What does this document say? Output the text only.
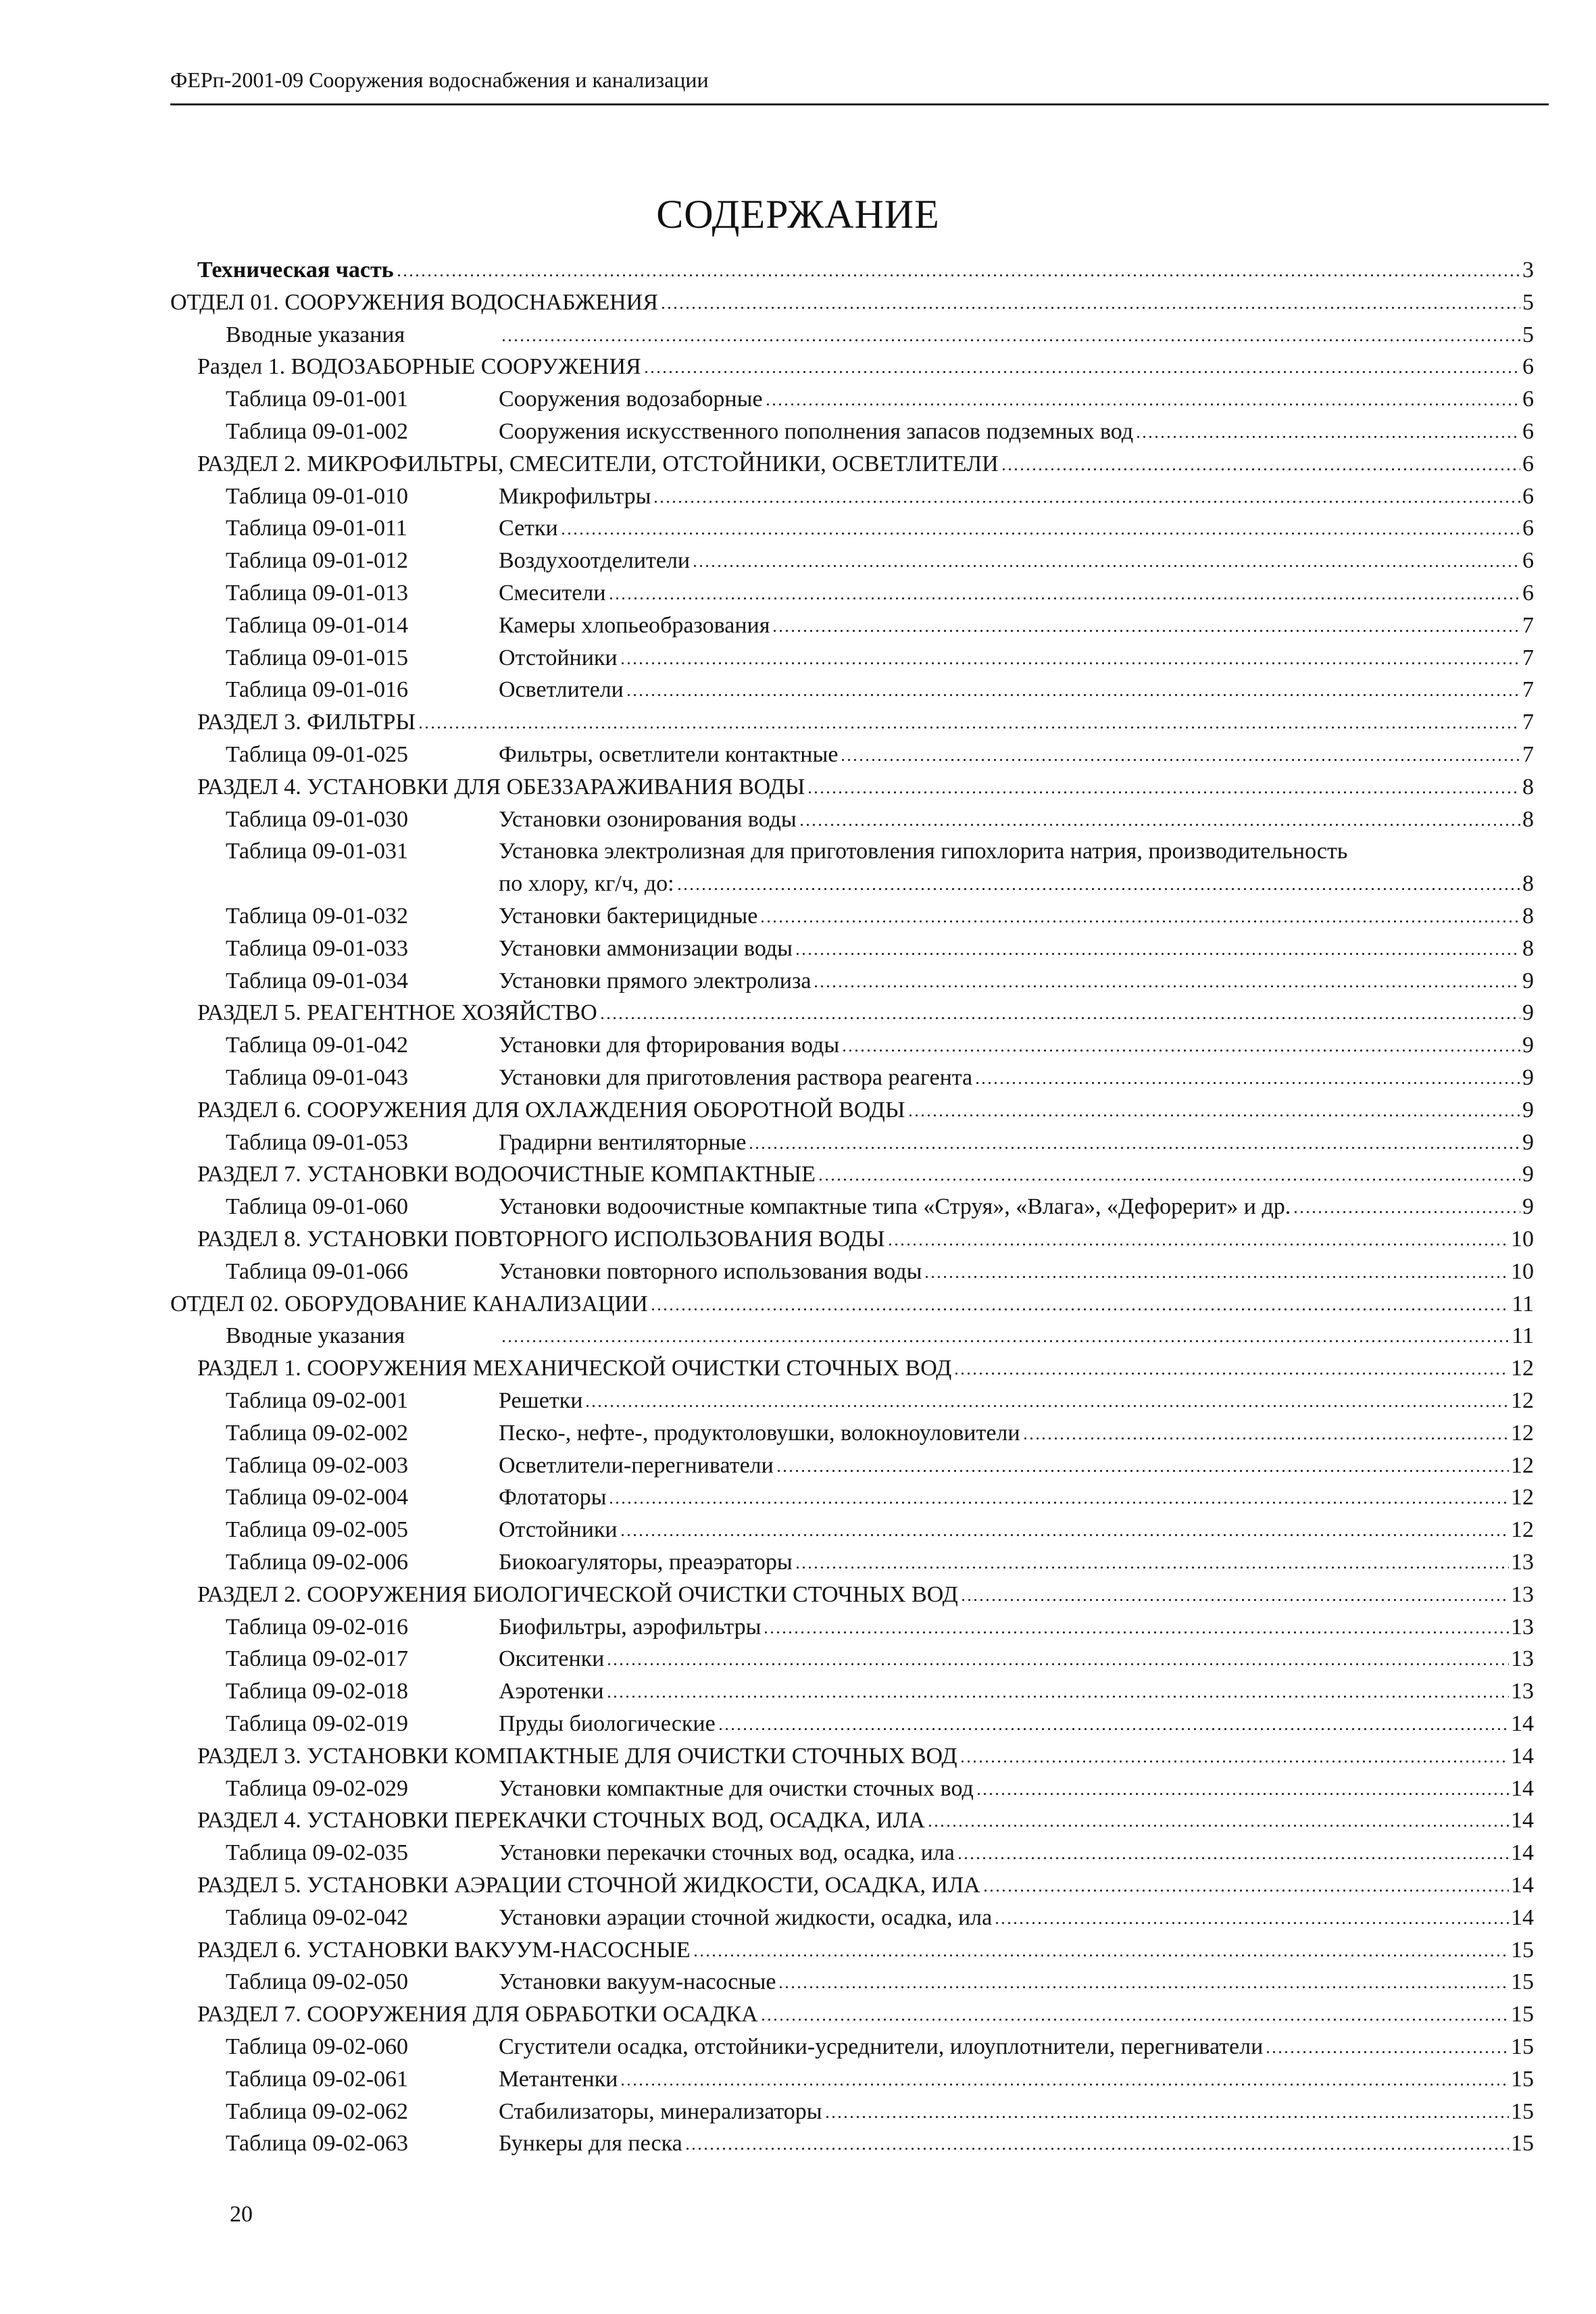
ФЕРп-2001-09 Сооружения водоснабжения и канализации
СОДЕРЖАНИЕ
Техническая часть	3
ОТДЕЛ 01. СООРУЖЕНИЯ ВОДОСНАБЖЕНИЯ	5
Вводные указания	5
Раздел 1. ВОДОЗАБОРНЫЕ СООРУЖЕНИЯ	6
Таблица 09-01-001	Сооружения водозаборные	6
Таблица 09-01-002	Сооружения искусственного пополнения запасов подземных вод	6
РАЗДЕЛ 2. МИКРОФИЛЬТРЫ, СМЕСИТЕЛИ, ОТСТОЙНИКИ, ОСВЕТЛИТЕЛИ	6
Таблица 09-01-010	Микрофильтры	6
Таблица 09-01-011	Сетки	6
Таблица 09-01-012	Воздухоотделители	6
Таблица 09-01-013	Смесители	6
Таблица 09-01-014	Камеры хлопьеобразования	7
Таблица 09-01-015	Отстойники	7
Таблица 09-01-016	Осветлители	7
РАЗДЕЛ 3. ФИЛЬТРЫ	7
Таблица 09-01-025	Фильтры, осветлители контактные	7
РАЗДЕЛ 4. УСТАНОВКИ ДЛЯ ОБЕЗЗАРАЖИВАНИЯ ВОДЫ	8
Таблица 09-01-030	Установки озонирования воды	8
Таблица 09-01-031	Установка электролизная для приготовления гипохлорита натрия, производительность
по хлору, кг/ч, до:	8
Таблица 09-01-032	Установки бактерицидные	8
Таблица 09-01-033	Установки аммонизации воды	8
Таблица 09-01-034	Установки прямого электролиза	9
РАЗДЕЛ 5. РЕАГЕНТНОЕ ХОЗЯЙСТВО	9
Таблица 09-01-042	Установки для фторирования воды	9
Таблица 09-01-043	Установки для приготовления раствора реагента	9
РАЗДЕЛ 6. СООРУЖЕНИЯ ДЛЯ ОХЛАЖДЕНИЯ ОБОРОТНОЙ ВОДЫ	9
Таблица 09-01-053	Градирни вентиляторные	9
РАЗДЕЛ 7. УСТАНОВКИ ВОДООЧИСТНЫЕ КОМПАКТНЫЕ	9
Таблица 09-01-060	Установки водоочистные компактные типа «Струя», «Влага», «Дефорерит» и др.	9
РАЗДЕЛ 8. УСТАНОВКИ ПОВТОРНОГО ИСПОЛЬЗОВАНИЯ ВОДЫ	10
Таблица 09-01-066	Установки повторного использования воды	10
ОТДЕЛ 02. ОБОРУДОВАНИЕ КАНАЛИЗАЦИИ	11
Вводные указания	11
РАЗДЕЛ 1. СООРУЖЕНИЯ МЕХАНИЧЕСКОЙ ОЧИСТКИ СТОЧНЫХ ВОД	12
Таблица 09-02-001	Решетки	12
Таблица 09-02-002	Песко-, нефте-, продуктоловушки, волокноуловители	12
Таблица 09-02-003	Осветлители-перегниватели	12
Таблица 09-02-004	Флотаторы	12
Таблица 09-02-005	Отстойники	12
Таблица 09-02-006	Биокоагуляторы, преаэраторы	13
РАЗДЕЛ 2. СООРУЖЕНИЯ БИОЛОГИЧЕСКОЙ ОЧИСТКИ СТОЧНЫХ ВОД	13
Таблица 09-02-016	Биофильтры, аэрофильтры	13
Таблица 09-02-017	Окситенки	13
Таблица 09-02-018	Аэротенки	13
Таблица 09-02-019	Пруды биологические	14
РАЗДЕЛ 3. УСТАНОВКИ КОМПАКТНЫЕ ДЛЯ ОЧИСТКИ СТОЧНЫХ ВОД	14
Таблица 09-02-029	Установки компактные для очистки сточных вод	14
РАЗДЕЛ 4. УСТАНОВКИ ПЕРЕКАЧКИ СТОЧНЫХ ВОД, ОСАДКА, ИЛА	14
Таблица 09-02-035	Установки перекачки сточных вод, осадка, ила	14
РАЗДЕЛ 5. УСТАНОВКИ АЭРАЦИИ СТОЧНОЙ ЖИДКОСТИ, ОСАДКА, ИЛА	14
Таблица 09-02-042	Установки аэрации сточной жидкости, осадка, ила	14
РАЗДЕЛ 6. УСТАНОВКИ ВАКУУМ-НАСОСНЫЕ	15
Таблица 09-02-050	Установки вакуум-насосные	15
РАЗДЕЛ 7. СООРУЖЕНИЯ ДЛЯ ОБРАБОТКИ ОСАДКА	15
Таблица 09-02-060	Сгустители осадка, отстойники-усреднители, илоуплотнители, перегниватели	15
Таблица 09-02-061	Метантенки	15
Таблица 09-02-062	Стабилизаторы, минерализаторы	15
Таблица 09-02-063	Бункеры для песка	15
20
